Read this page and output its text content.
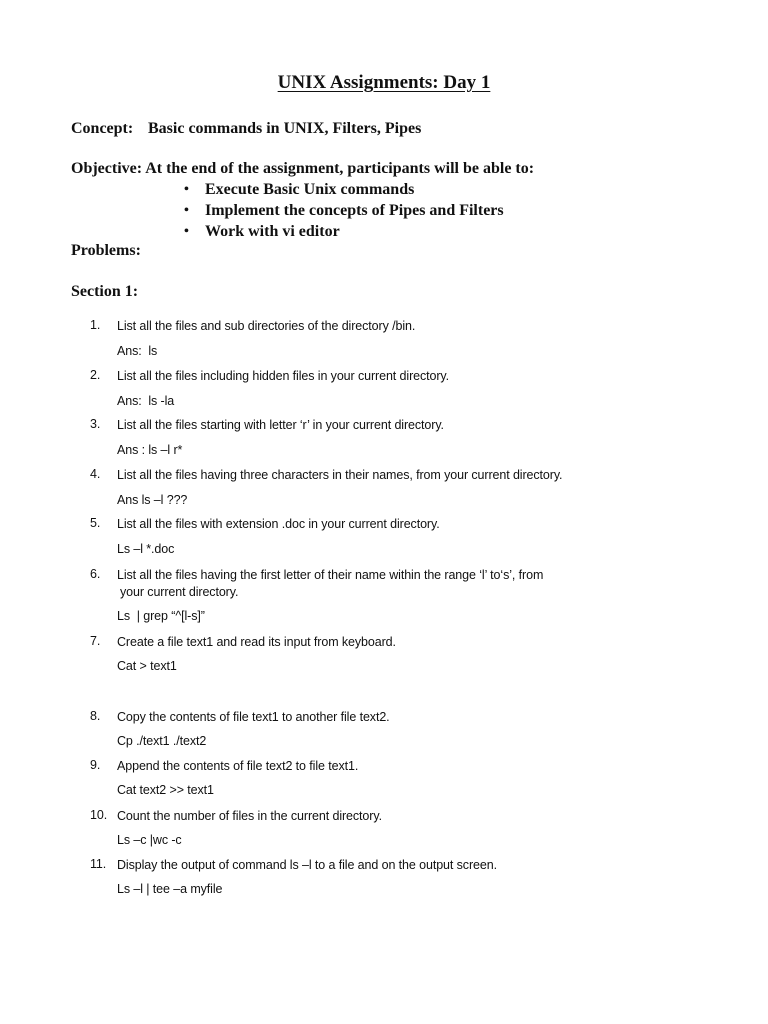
UNIX Assignments: Day 1
Concept: Basic commands in UNIX, Filters, Pipes
Objective: At the end of the assignment, participants will be able to:
• Execute Basic Unix commands
• Implement the concepts of Pipes and Filters
• Work with vi editor
Problems:
Section 1:
1.	List all the files and sub directories of the directory /bin.
Ans:  ls
2.	List all the files including hidden files in your current directory.
Ans:  ls -la
3.	List all the files starting with letter ‘r’ in your current directory.
Ans : ls –l r*
4.	List all the files having three characters in their names, from your current directory.
Ans ls –l ???
5.	List all the files with extension .doc in your current directory.
Ls –l *.doc
6.	List all the files having the first letter of their name within the range ‘l’ to‘s’, from
your current directory.
Ls  | grep “^[l-s]”
7.	Create a file text1 and read its input from keyboard.
Cat > text1
8.	Copy the contents of file text1 to another file text2.
Cp ./text1 ./text2
9.	Append the contents of file text2 to file text1.
Cat text2 >> text1
10. Count the number of files in the current directory.
Ls –c |wc -c
11. Display the output of command ls –l to a file and on the output screen.
Ls –l | tee –a myfile
